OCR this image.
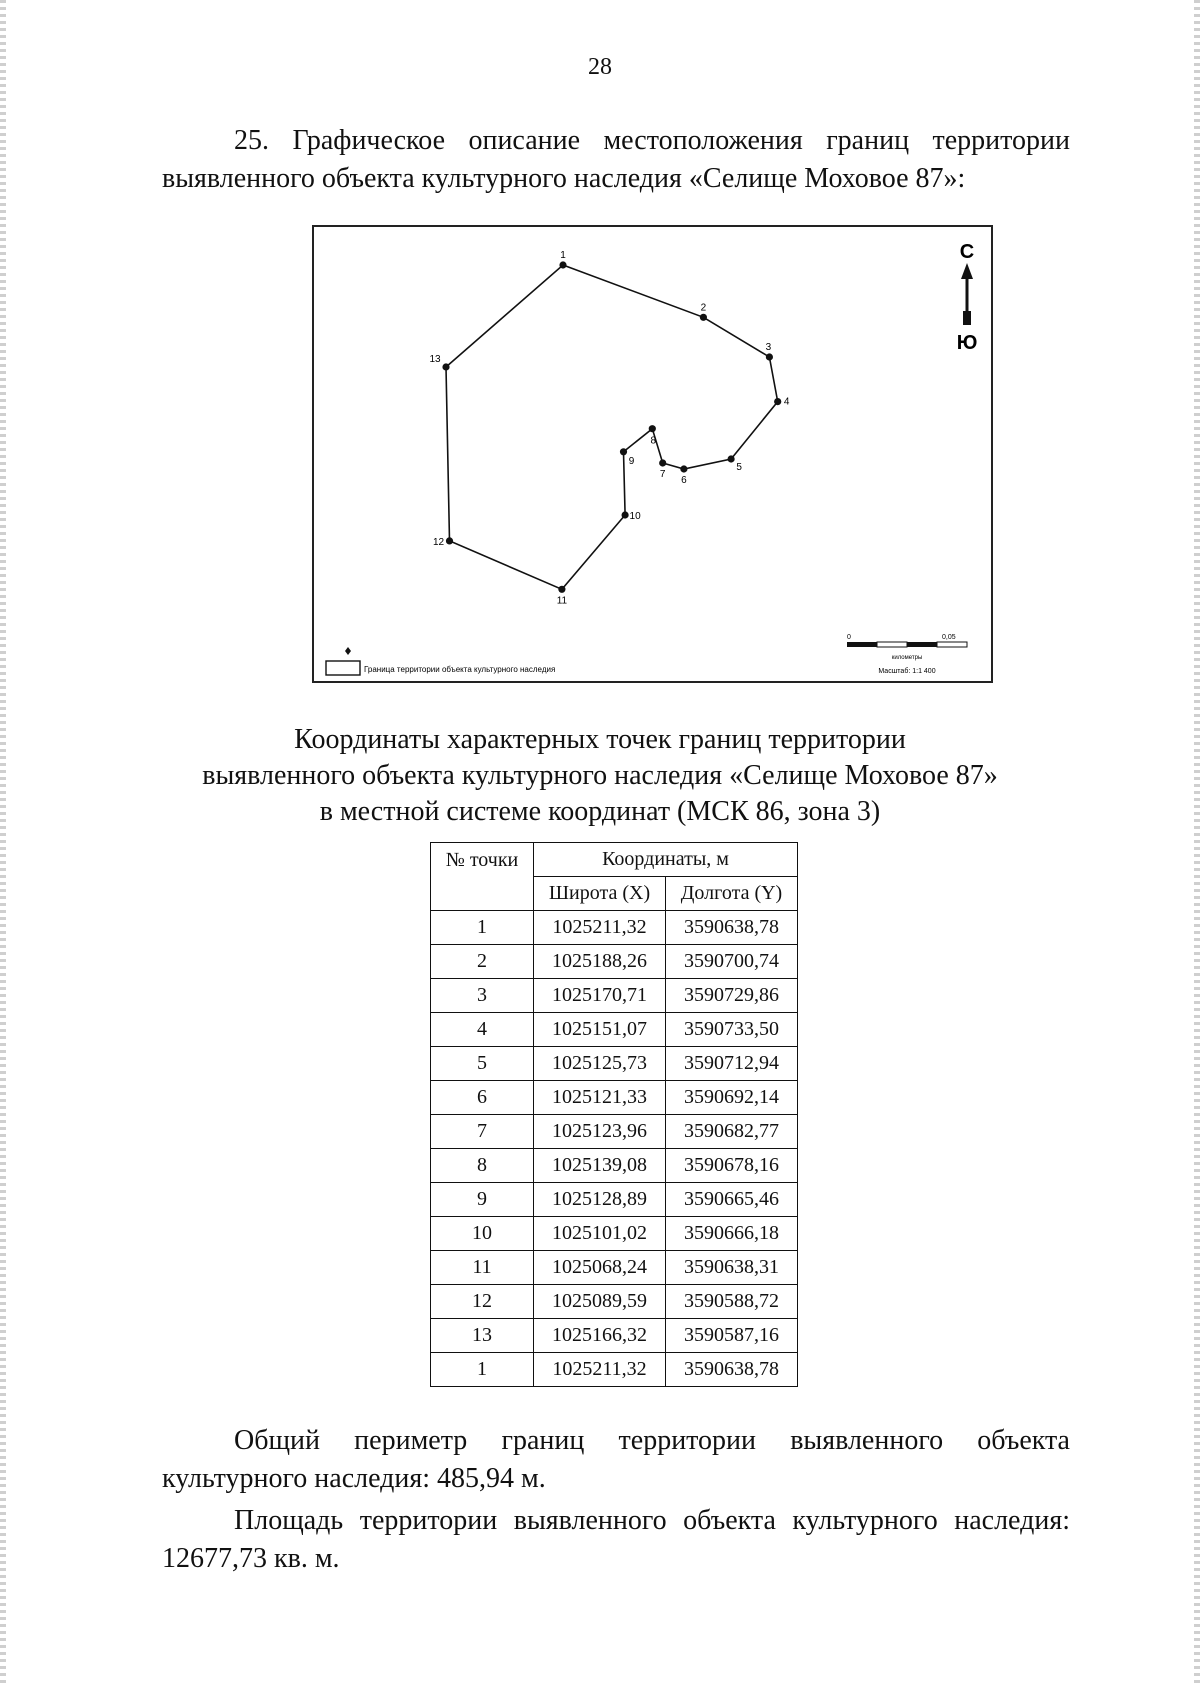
28

25. Графическое описание местоположения границ территории

выявленного объекта культурного наследия «Селище Моховое 87»:

1
2
3
4
5
6
7
8
9
10
11
12
13
С
Ю
Граница территории объекта культурного наследия
0	0,05
километры
Масштаб: 1:1 400
Координаты характерных точек границ территории
выявленного объекта культурного наследия «Селище Моховое 87»
в местной системе координат (МСК 86, зона 3)
№ точки	Координаты, м	
	Широта (X)	Долгота (Y)
1	1025211,32	3590638,78
2	1025188,26	3590700,74
3	1025170,71	3590729,86
4	1025151,07	3590733,50
5	1025125,73	3590712,94
6	1025121,33	3590692,14
7	1025123,96	3590682,77
8	1025139,08	3590678,16
9	1025128,89	3590665,46
10	1025101,02	3590666,18
11	1025068,24	3590638,31
12	1025089,59	3590588,72
13	1025166,32	3590587,16
1	1025211,32	3590638,78

Общий периметр границ территории выявленного объекта

культурного наследия: 485,94 м.

Площадь территории выявленного объекта культурного наследия:

12677,73 кв. м.
